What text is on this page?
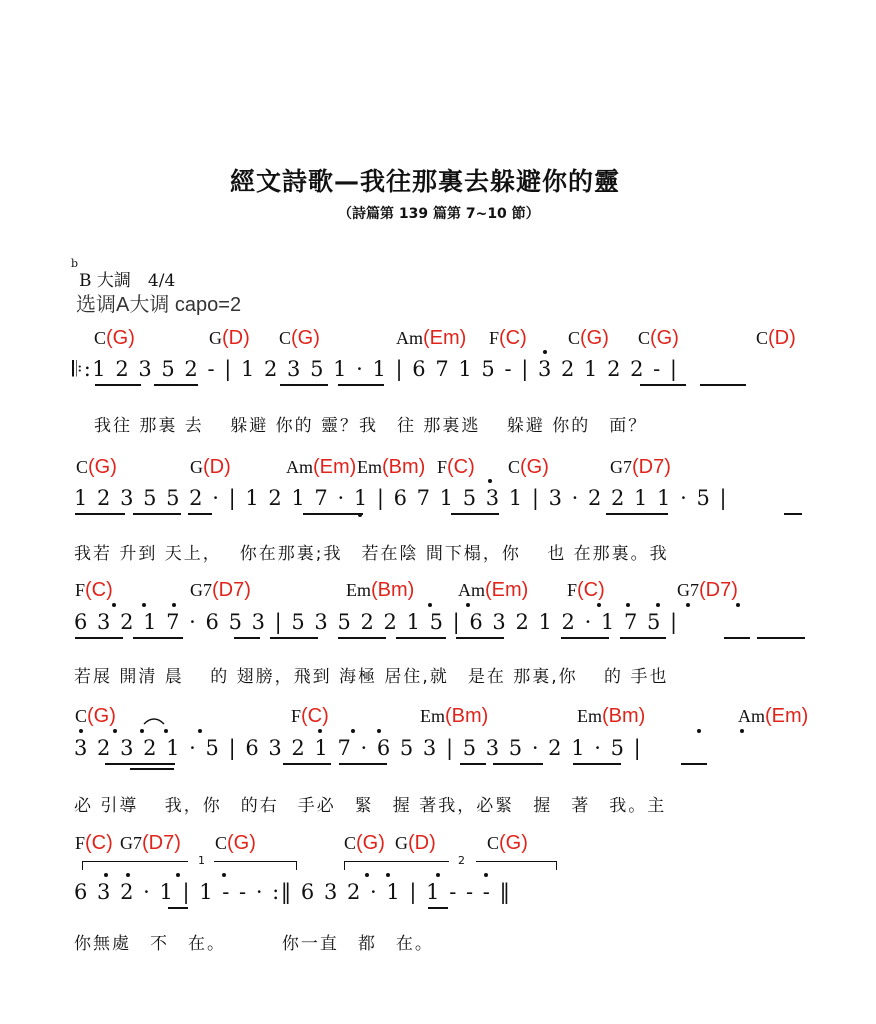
經文詩歌—我往那裏去躲避你的靈
（詩篇第 139 篇第 7~10 節）
b
B 大調　4/4
选调A大调 capo=2
C(G)	G(D) C(G)	Am(Em) F(C) C(G) C(G)	C(D)
𝄆:1 2 3 5 2 - | 1 2 3 5 1 · 1 | 6 7 1 5 - | 3 2 1 2 2 - |
我往 那裏 去　 躲避 你的 靈？我　往 那裏逃　 躲避 你的　面？
C(G)	G(D)	Am(Em) Em(Bm) F(C) C(G)	G7(D7)
1 2 3 5 5 2 · | 1 2 1 7 · 1 | 6 7 1 5 3 1 | 3 · 2 2 1 1 · 5 |
我若 升到 天上，　 你在那裏;我　若在陰 間下榻，你　 也 在那裏。我
F(C)	G7(D7)	Em(Bm) Am(Em) F(C)	G7(D7)
6 3 2 1 7 · 6 5 3 | 5 3 5 2 2 1 5 | 6 3 2 1 2 · 1 7 5 |
若展 開清 晨　 的 翅膀，飛到 海極 居住,就　是在 那裏,你　 的 手也
C(G)	F(C)	Em(Bm)	Em(Bm)	Am(Em)
3 2 3 2 1 · 5 | 6 3 2 1 7 · 6 5 3 | 5 3 5 · 2 1 · 5 |
必 引導　 我，你　的右　手必　緊　握 著我，必緊　握　著　我。主
F(C) G7(D7) C(G)	C(G) G(D)	C(G)
1	2
6 3 2 · 1 | 1 - - · :‖ 6 3 2 · 1 | 1 - - - ‖
你無處　不　在。　　　 你一直　都　在。
